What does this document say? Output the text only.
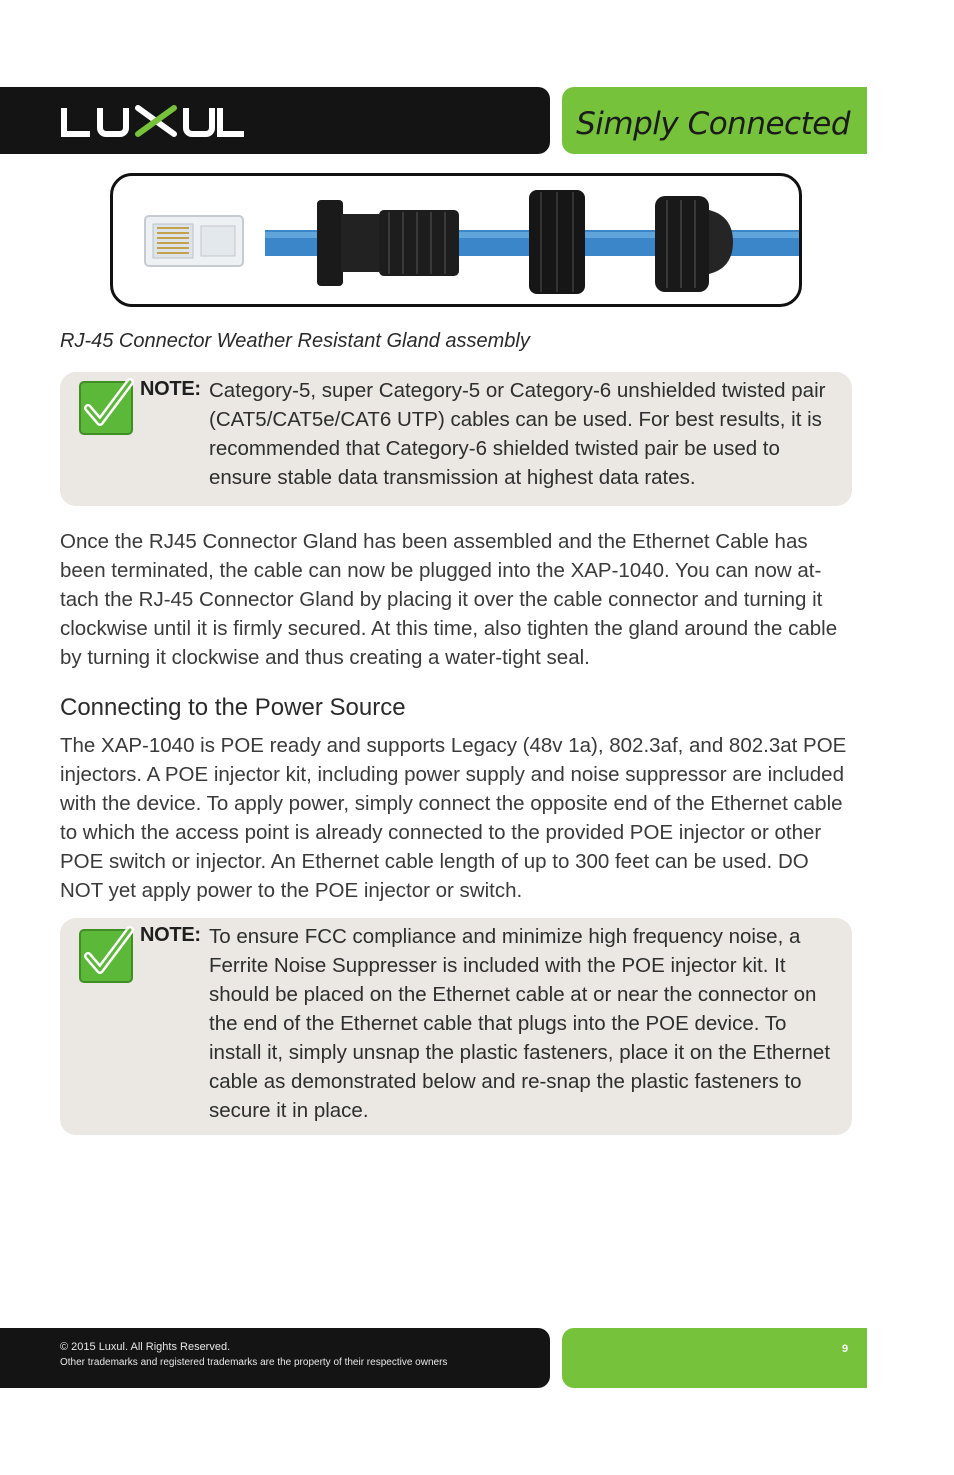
Simply Connected
RJ-45 Connector Weather Resistant Gland assembly
NOTE: Category-5, super Category-5 or Category-6 unshielded twisted pair (CAT5/CAT5e/CAT6 UTP) cables can be used. For best results, it is recommended that Category-6 shielded twisted pair be used to ensure stable data transmission at highest data rates.
Once the RJ45 Connector Gland has been assembled and the Ethernet Cable has been terminated, the cable can now be plugged into the XAP-1040. You can now at-tach the RJ-45 Connector Gland by placing it over the cable connector and turning it clockwise until it is firmly secured. At this time, also tighten the gland around the cable by turning it clockwise and thus creating a water-tight seal.
Connecting to the Power Source
The XAP-1040 is POE ready and supports Legacy (48v 1a), 802.3af, and 802.3at POE injectors. A POE injector kit, including power supply and noise suppressor are included with the device. To apply power, simply connect the opposite end of the Ethernet cable to which the access point is already connected to the provided POE injector or other POE switch or injector. An Ethernet cable length of up to 300 feet can be used. DO NOT yet apply power to the POE injector or switch.
NOTE: To ensure FCC compliance and minimize high frequency noise, a Ferrite Noise Suppresser is included with the POE injector kit. It should be placed on the Ethernet cable at or near the connector on the end of the Ethernet cable that plugs into the POE device. To install it, simply unsnap the plastic fasteners, place it on the Ethernet cable as demonstrated below and re-snap the plastic fasteners to secure it in place.
© 2015 Luxul. All Rights Reserved.
Other trademarks and registered trademarks are the property of their respective owners
9
